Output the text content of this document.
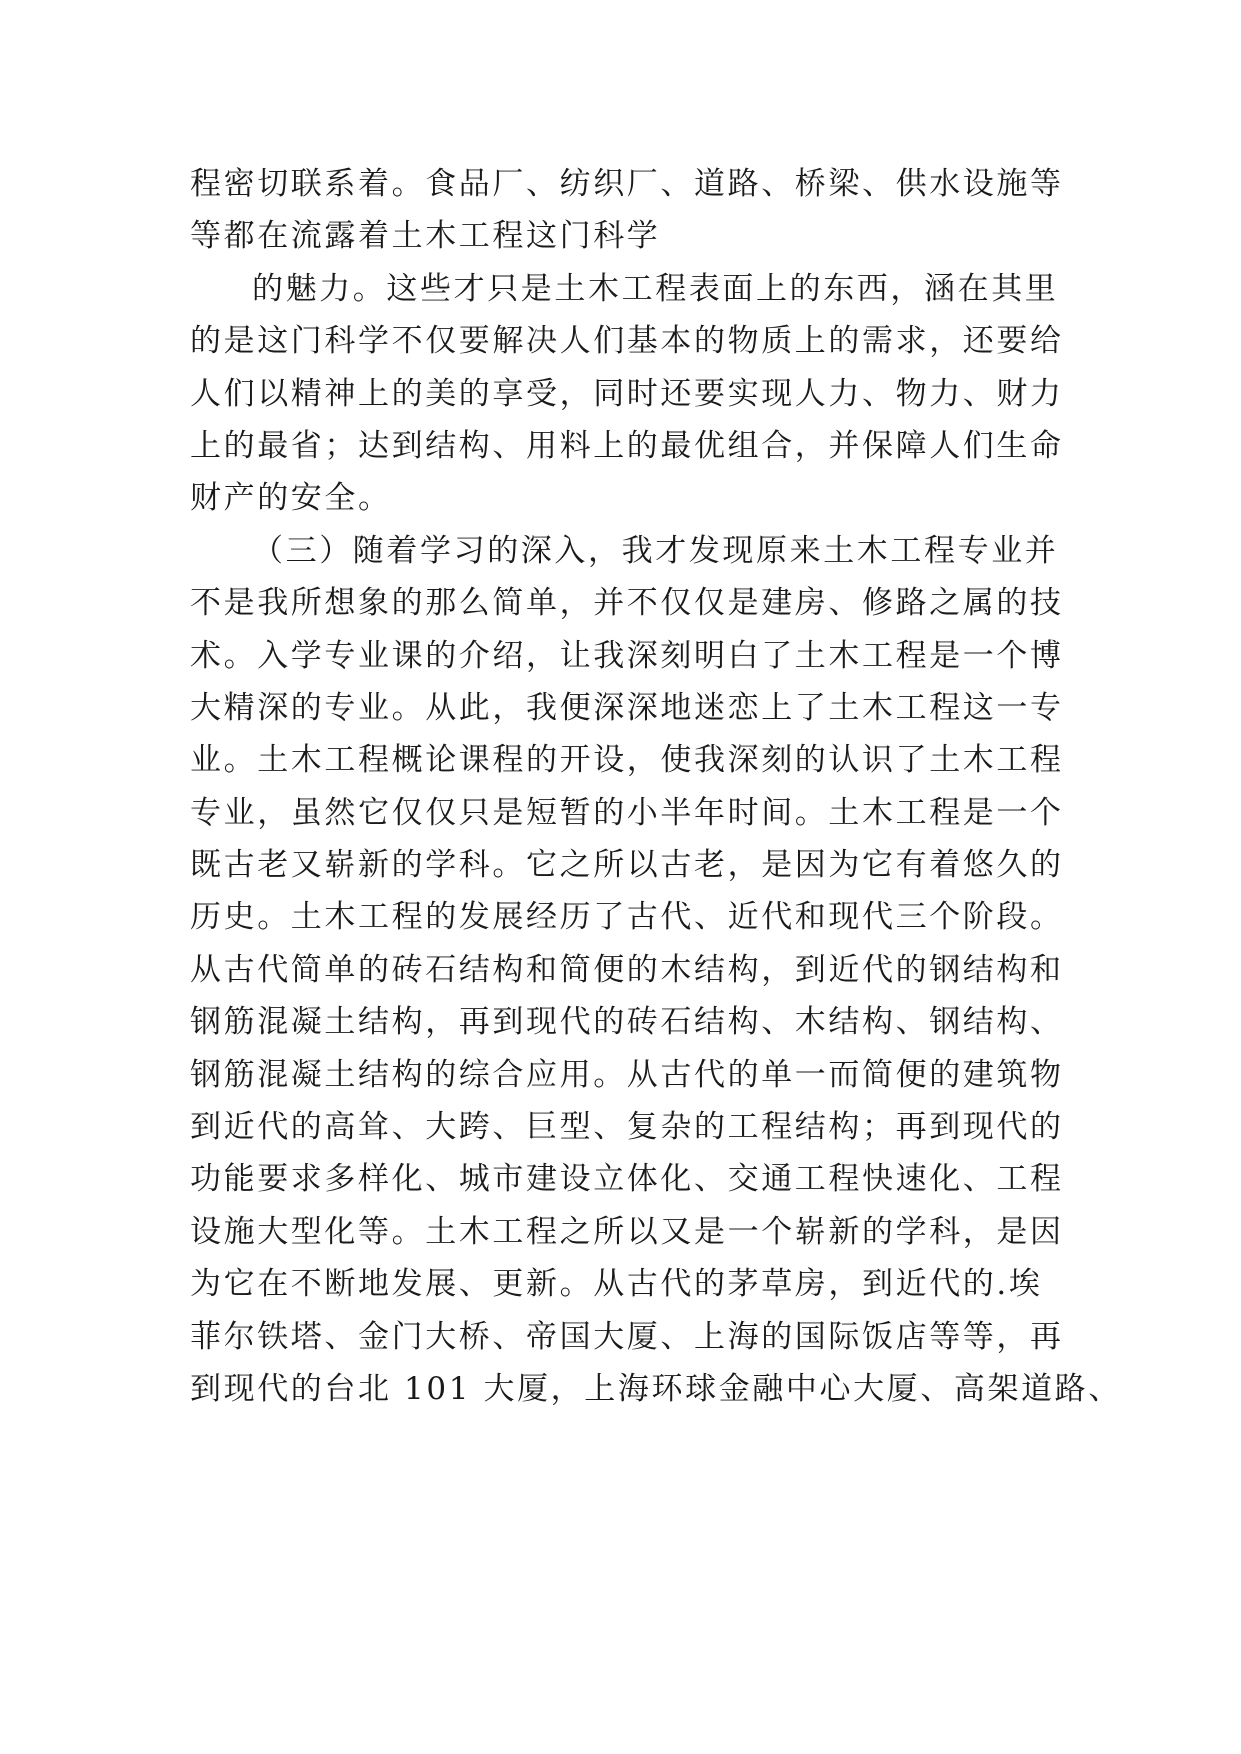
程密切联系着。食品厂、纺织厂、道路、桥梁、供水设施等
等都在流露着土木工程这门科学
的魅力。这些才只是土木工程表面上的东西，涵在其里
的是这门科学不仅要解决人们基本的物质上的需求，还要给
人们以精神上的美的享受，同时还要实现人力、物力、财力
上的最省；达到结构、用料上的最优组合，并保障人们生命
财产的安全。
（三）随着学习的深入，我才发现原来土木工程专业并
不是我所想象的那么简单，并不仅仅是建房、修路之属的技
术。入学专业课的介绍，让我深刻明白了土木工程是一个博
大精深的专业。从此，我便深深地迷恋上了土木工程这一专
业。土木工程概论课程的开设，使我深刻的认识了土木工程
专业，虽然它仅仅只是短暂的小半年时间。土木工程是一个
既古老又崭新的学科。它之所以古老，是因为它有着悠久的
历史。土木工程的发展经历了古代、近代和现代三个阶段。
从古代简单的砖石结构和简便的木结构，到近代的钢结构和
钢筋混凝土结构，再到现代的砖石结构、木结构、钢结构、
钢筋混凝土结构的综合应用。从古代的单一而简便的建筑物
到近代的高耸、大跨、巨型、复杂的工程结构；再到现代的
功能要求多样化、城市建设立体化、交通工程快速化、工程
设施大型化等。土木工程之所以又是一个崭新的学科，是因
为它在不断地发展、更新。从古代的茅草房，到近代的.埃
菲尔铁塔、金门大桥、帝国大厦、上海的国际饭店等等，再
到现代的台北 101 大厦，上海环球金融中心大厦、高架道路、
